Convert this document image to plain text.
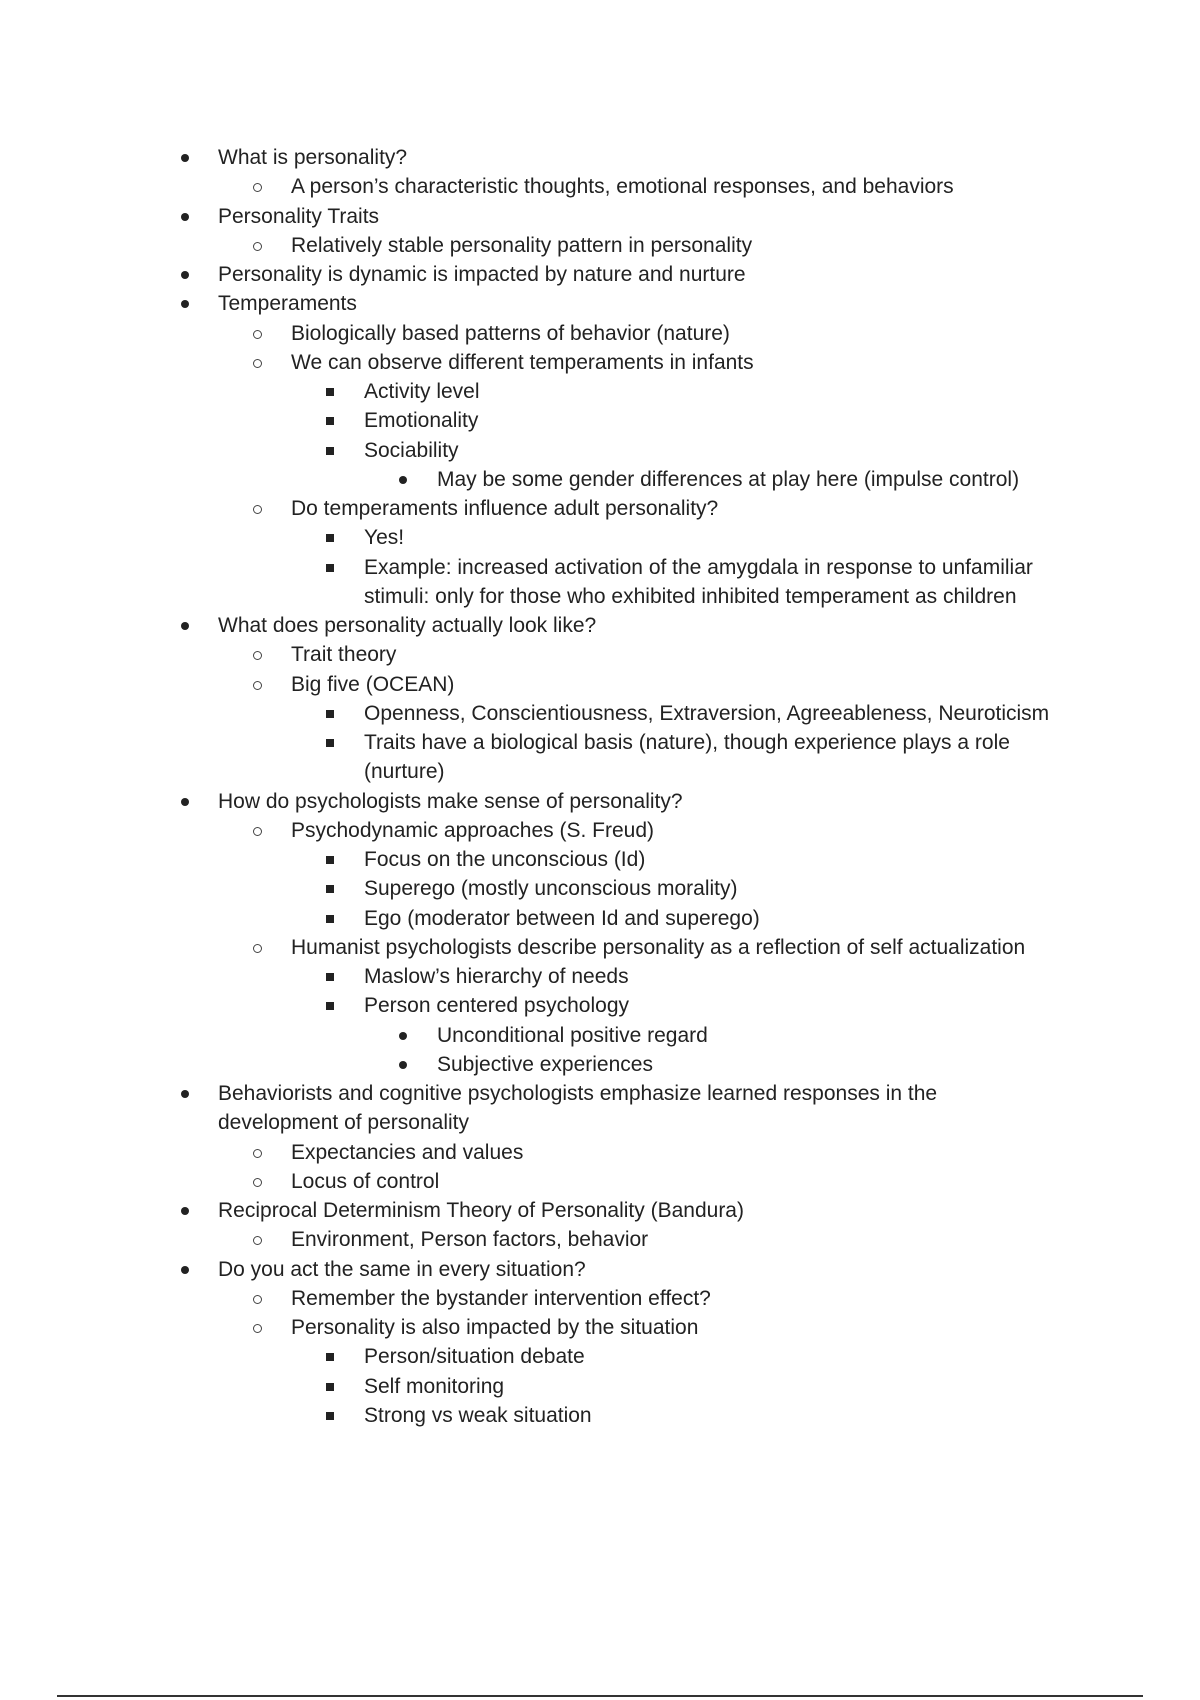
What is personality?
A person’s characteristic thoughts, emotional responses, and behaviors
Personality Traits
Relatively stable personality pattern in personality
Personality is dynamic is impacted by nature and nurture
Temperaments
Biologically based patterns of behavior (nature)
We can observe different temperaments in infants
Activity level
Emotionality
Sociability
May be some gender differences at play here (impulse control)
Do temperaments influence adult personality?
Yes!
Example: increased activation of the amygdala in response to unfamiliar
stimuli: only for those who exhibited inhibited temperament as children
What does personality actually look like?
Trait theory
Big five (OCEAN)
Openness, Conscientiousness, Extraversion, Agreeableness, Neuroticism
Traits have a biological basis (nature), though experience plays a role
(nurture)
How do psychologists make sense of personality?
Psychodynamic approaches (S. Freud)
Focus on the unconscious (Id)
Superego (mostly unconscious morality)
Ego (moderator between Id and superego)
Humanist psychologists describe personality as a reflection of self actualization
Maslow’s hierarchy of needs
Person centered psychology
Unconditional positive regard
Subjective experiences
Behaviorists and cognitive psychologists emphasize learned responses in the
development of personality
Expectancies and values
Locus of control
Reciprocal Determinism Theory of Personality (Bandura)
Environment, Person factors, behavior
Do you act the same in every situation?
Remember the bystander intervention effect?
Personality is also impacted by the situation
Person/situation debate
Self monitoring
Strong vs weak situation
